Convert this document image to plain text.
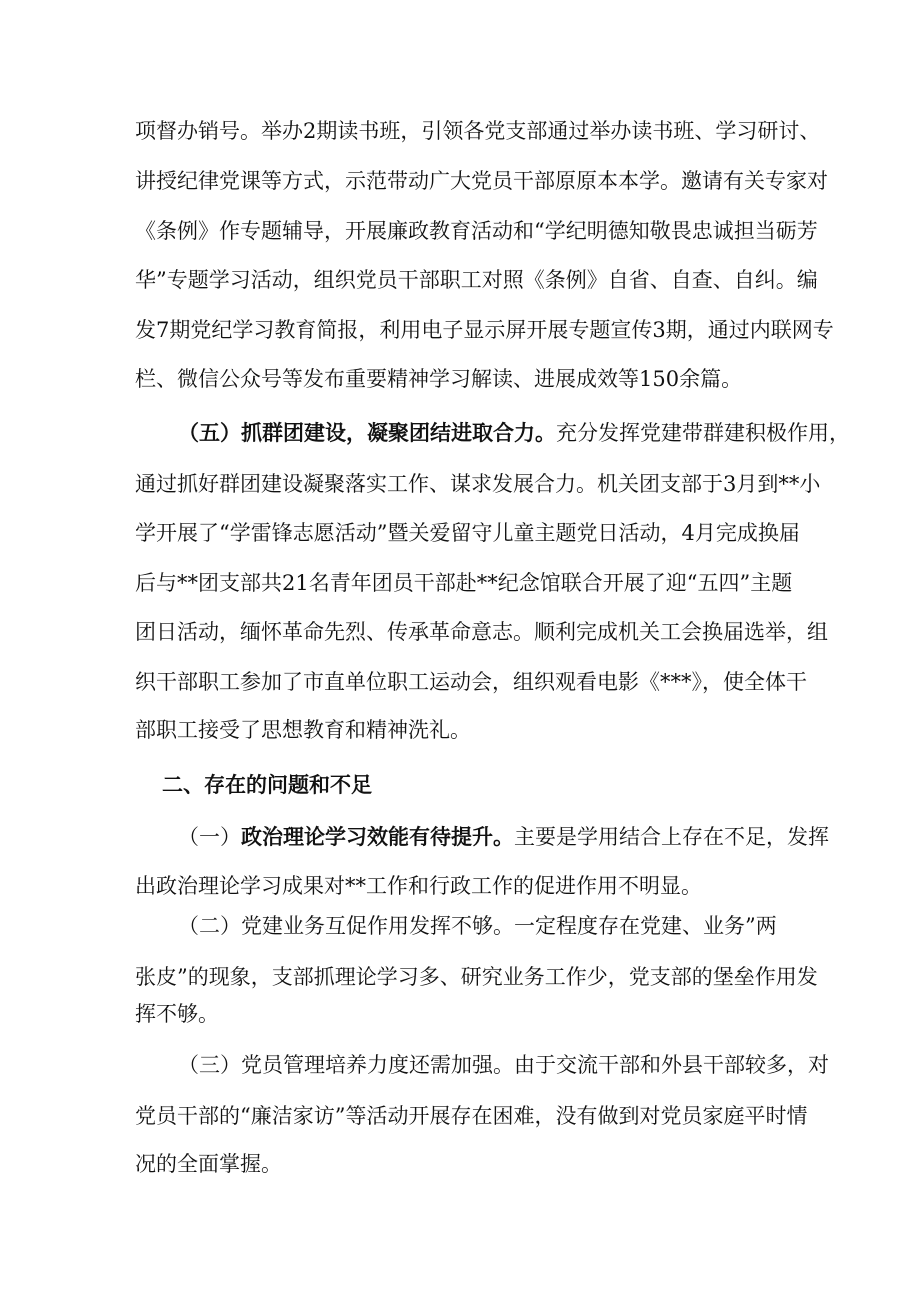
项督办销号。举办2期读书班，引领各党支部通过举办读书班、学习研讨、
讲授纪律党课等方式，示范带动广大党员干部原原本本学。邀请有关专家对
《条例》作专题辅导，开展廉政教育活动和“学纪明德知敬畏忠诚担当砺芳
华”专题学习活动，组织党员干部职工对照《条例》自省、自查、自纠。编
发7期党纪学习教育简报，利用电子显示屏开展专题宣传3期，通过内联网专
栏、微信公众号等发布重要精神学习解读、进展成效等150余篇。
（五）抓群团建设，凝聚团结进取合力。充分发挥党建带群建积极作用，
通过抓好群团建设凝聚落实工作、谋求发展合力。机关团支部于3月到**小
学开展了“学雷锋志愿活动”暨关爱留守儿童主题党日活动，4月完成换届
后与**团支部共21名青年团员干部赴**纪念馆联合开展了迎“五四”主题
团日活动，缅怀革命先烈、传承革命意志。顺利完成机关工会换届选举，组
织干部职工参加了市直单位职工运动会，组织观看电影《***》，使全体干
部职工接受了思想教育和精神洗礼。
二、存在的问题和不足
（一）政治理论学习效能有待提升。主要是学用结合上存在不足，发挥
出政治理论学习成果对**工作和行政工作的促进作用不明显。
（二）党建业务互促作用发挥不够。一定程度存在党建、业务”两
张皮”的现象，支部抓理论学习多、研究业务工作少，党支部的堡垒作用发
挥不够。
（三）党员管理培养力度还需加强。由于交流干部和外县干部较多，对
党员干部的“廉洁家访”等活动开展存在困难，没有做到对党员家庭平时情
况的全面掌握。
